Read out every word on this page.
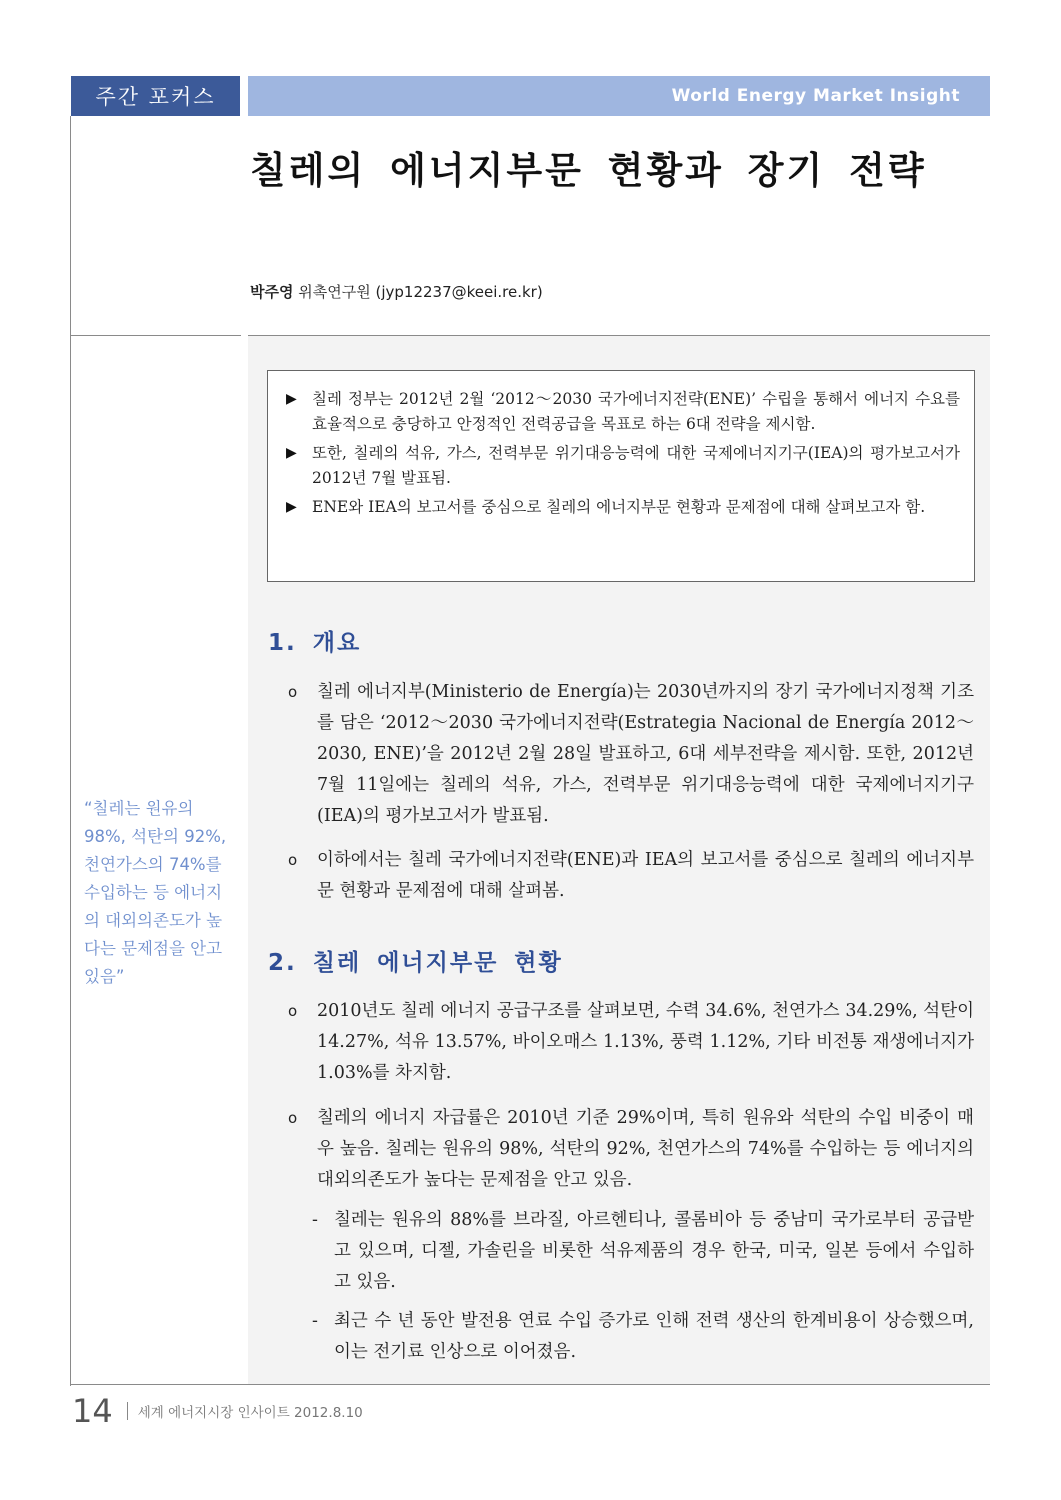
주간 포커스	World Energy Market Insight
칠레의 에너지부문 현황과 장기 전략
박주영 위촉연구원 (jyp12237@keei.re.kr)
▶ 칠레 정부는 2012년 2월 ‘2012～2030 국가에너지전략(ENE)’ 수립을 통해서 에너지 수요를 효율적으로 충당하고 안정적인 전력공급을 목표로 하는 6대 전략을 제시함.
▶ 또한, 칠레의 석유, 가스, 전력부문 위기대응능력에 대한 국제에너지기구(IEA)의 평가보고서가 2012년 7월 발표됨.
▶ ENE와 IEA의 보고서를 중심으로 칠레의 에너지부문 현황과 문제점에 대해 살펴보고자 함.
1. 개요
o	칠레 에너지부(Ministerio de Energía)는 2030년까지의 장기 국가에너지정책 기조를 담은 ‘2012～2030 국가에너지전략(Estrategia Nacional de Energía 2012～2030, ENE)’을 2012년 2월 28일 발표하고, 6대 세부전략을 제시함. 또한, 2012년 7월 11일에는 칠레의 석유, 가스, 전력부문 위기대응능력에 대한 국제에너지기구(IEA)의 평가보고서가 발표됨.
o	이하에서는 칠레 국가에너지전략(ENE)과 IEA의 보고서를 중심으로 칠레의 에너지부문 현황과 문제점에 대해 살펴봄.
2. 칠레 에너지부문 현황
o	2010년도 칠레 에너지 공급구조를 살펴보면, 수력 34.6%, 천연가스 34.29%, 석탄이 14.27%, 석유 13.57%, 바이오매스 1.13%, 풍력 1.12%, 기타 비전통 재생에너지가 1.03%를 차지함.
o	칠레의 에너지 자급률은 2010년 기준 29%이며, 특히 원유와 석탄의 수입 비중이 매우 높음. 칠레는 원유의 98%, 석탄의 92%, 천연가스의 74%를 수입하는 등 에너지의 대외의존도가 높다는 문제점을 안고 있음.
- 칠레는 원유의 88%를 브라질, 아르헨티나, 콜롬비아 등 중남미 국가로부터 공급받고 있으며, 디젤, 가솔린을 비롯한 석유제품의 경우 한국, 미국, 일본 등에서 수입하고 있음.
- 최근 수 년 동안 발전용 연료 수입 증가로 인해 전력 생산의 한계비용이 상승했으며, 이는 전기료 인상으로 이어졌음.
“칠레는 원유의 98%, 석탄의 92%, 천연가스의 74%를 수입하는 등 에너지의 대외의존도가 높다는 문제점을 안고 있음”
14 세계 에너지시장 인사이트 2012.8.10
